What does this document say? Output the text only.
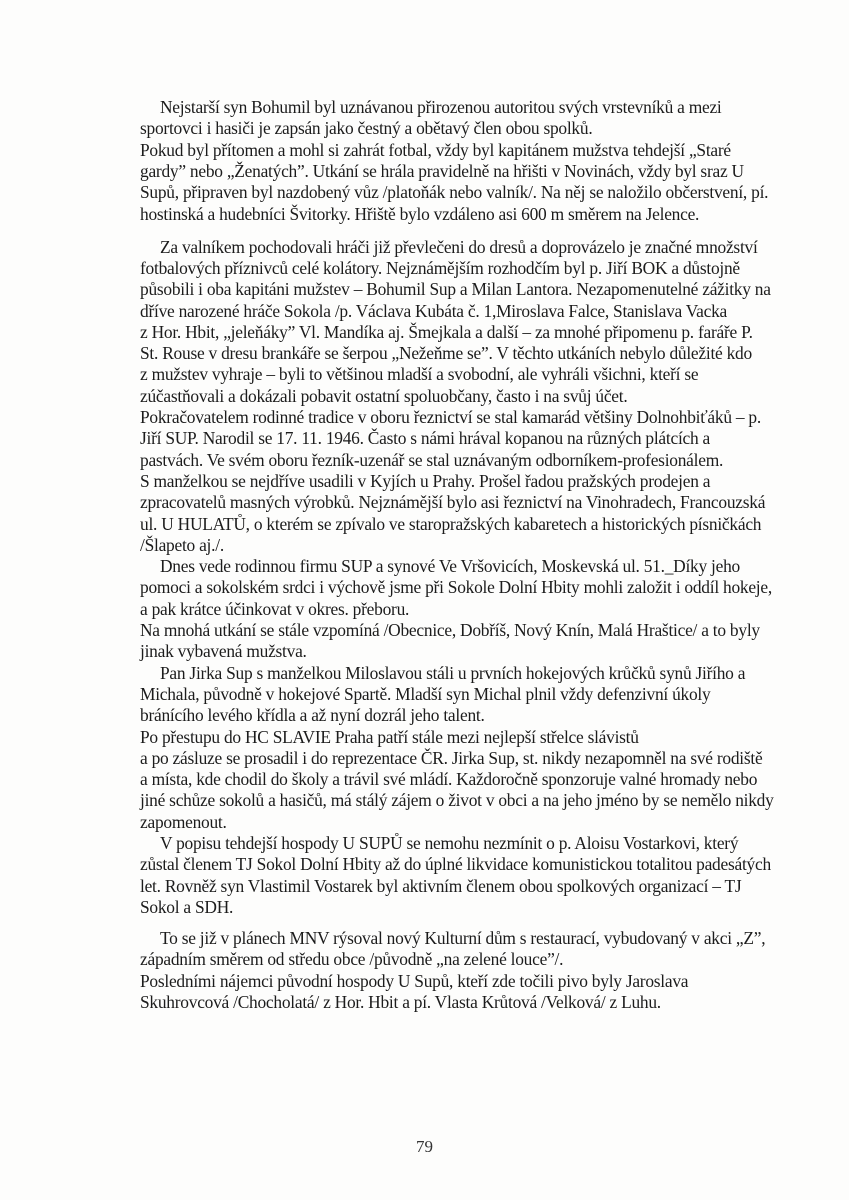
Nejstarší syn Bohumil byl uznávanou přirozenou autoritou svých vrstevníků a mezi
sportovci i hasiči je zapsán jako čestný a obětavý člen obou spolků.
Pokud byl přítomen a mohl si zahrát fotbal, vždy byl kapitánem mužstva tehdejší „Staré
gardy” nebo „Ženatých”. Utkání se hrála pravidelně na hřišti v Novinách, vždy byl sraz U
Supů, připraven byl nazdobený vůz /platoňák nebo valník/. Na něj se naložilo občerstvení, pí.
hostinská a hudebníci Švitorky. Hřiště bylo vzdáleno asi 600 m směrem na Jelence.
Za valníkem pochodovali hráči již převlečeni do dresů a doprovázelo je značné množství
fotbalových příznivců celé kolátory. Nejznámějším rozhodčím byl p. Jiří BOK a důstojně
působili i oba kapitáni mužstev – Bohumil Sup a Milan Lantora. Nezapomenutelné zážitky na
dříve narozené hráče Sokola /p. Václava Kubáta č. 1,Miroslava Falce, Stanislava Vacka
z Hor. Hbit, „jeleňáky” Vl. Mandíka aj. Šmejkala a další – za mnohé připomenu p. faráře P.
St. Rouse v dresu brankáře se šerpou „Nežeňme se”. V těchto utkáních nebylo důležité kdo
z mužstev vyhraje – byli to většinou mladší a svobodní, ale vyhráli všichni, kteří se
zúčastňovali a dokázali pobavit ostatní spoluobčany, často i na svůj účet.
Pokračovatelem rodinné tradice v oboru řeznictví se stal kamarád většiny Dolnohbiťáků – p.
Jiří SUP. Narodil se 17. 11. 1946. Často s námi hrával kopanou na různých plátcích a
pastvách. Ve svém oboru řezník-uzenář se stal uznávaným odborníkem-profesionálem.
S manželkou se nejdříve usadili v Kyjích u Prahy. Prošel řadou pražských prodejen a
zpracovatelů masných výrobků. Nejznámější bylo asi řeznictví na Vinohradech, Francouzská
ul. U HULATŮ, o kterém se zpívalo ve staropražských kabaretech a historických písničkách
/Šlapeto aj./.
Dnes vede rodinnou firmu SUP a synové Ve Vršovicích, Moskevská ul. 51._Díky jeho
pomoci a sokolském srdci i výchově jsme při Sokole Dolní Hbity mohli založit i oddíl hokeje,
a pak krátce účinkovat v okres. přeboru.
Na mnohá utkání se stále vzpomíná /Obecnice, Dobříš, Nový Knín, Malá Hraštice/ a to byly
jinak vybavená mužstva.
Pan Jirka Sup s manželkou Miloslavou stáli u prvních hokejových krůčků synů Jiřího a
Michala, původně v hokejové Spartě. Mladší syn Michal plnil vždy defenzivní úkoly
bránícího levého křídla a až nyní dozrál jeho talent.
Po přestupu do HC SLAVIE Praha patří stále mezi nejlepší střelce slávistů
a po zásluze se prosadil i do reprezentace ČR. Jirka Sup, st. nikdy nezapomněl na své rodiště
a místa, kde chodil do školy a trávil své mládí. Každoročně sponzoruje valné hromady nebo
jiné schůze sokolů a hasičů, má stálý zájem o život v obci a na jeho jméno by se nemělo nikdy
zapomenout.
V popisu tehdejší hospody U SUPŮ se nemohu nezmínit o p. Aloisu Vostarkovi, který
zůstal členem TJ Sokol Dolní Hbity až do úplné likvidace komunistickou totalitou padesátých
let. Rovněž syn Vlastimil Vostarek byl aktivním členem obou spolkových organizací – TJ
Sokol a SDH.
To se již v plánech MNV rýsoval nový Kulturní dům s restaurací, vybudovaný v akci „Z”,
západním směrem od středu obce /původně „na zelené louce”/.
Posledními nájemci původní hospody U Supů, kteří zde točili pivo byly Jaroslava
Skuhrovcová /Chocholatá/ z Hor. Hbit a pí. Vlasta Krůtová /Velková/ z Luhu.
79
